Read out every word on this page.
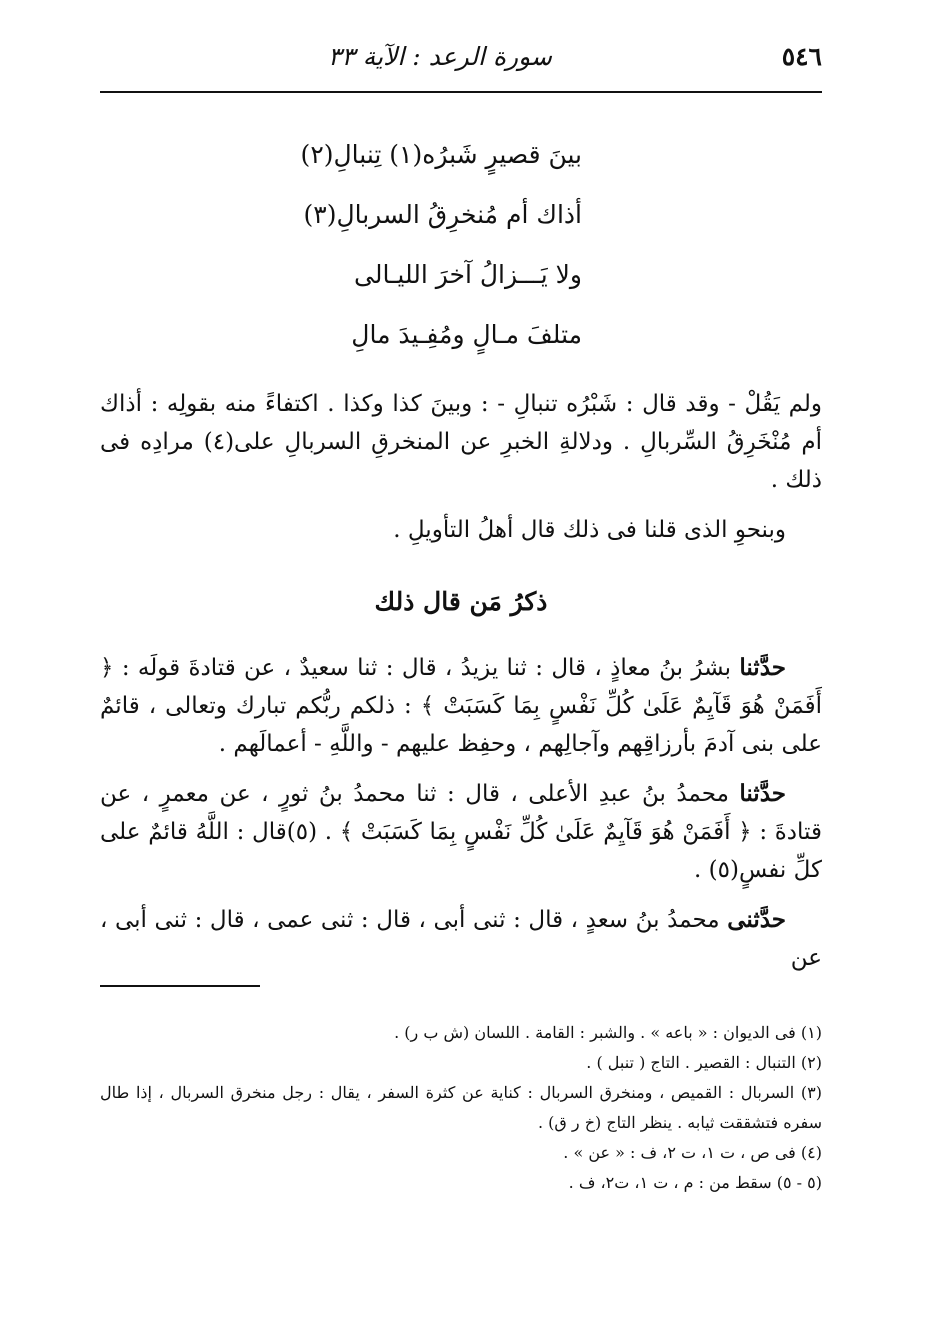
٥٤٦
سورة الرعد : الآية ٣٣
بينَ قصيرٍ شَبرُه(١) تِنبالِ(٢)
أذاك أم مُنخرِقُ السربالِ(٣)
ولا يَـــزالُ آخرَ الليـالى
متلفَ مـالٍ ومُفِـيدَ مالِ

ولم يَقُلْ - وقد قال : شَبْرُه تنبالِ - : وبينَ كذا وكذا . اكتفاءً منه بقولِه : أذاك أم مُنْخَرِقُ السِّربالِ . ودلالةِ الخبرِ عن المنخرقِ السربالِ على(٤) مرادِه فى ذلك .

وبنحوِ الذى قلنا فى ذلك قال أهلُ التأويلِ .

ذكرُ مَن قال ذلك

حدَّثنا بشرُ بنُ معاذٍ ، قال : ثنا يزيدُ ، قال : ثنا سعيدٌ ، عن قتادةَ قولَه : ﴿ أَفَمَنْ هُوَ قَآيِمٌ عَلَىٰ كُلِّ نَفْسٍ بِمَا كَسَبَتْ ﴾ : ذلكم ربُّكم تبارك وتعالى ، قائمٌ على بنى آدمَ بأرزاقِهم وآجالِهم ، وحفِظ عليهم - واللَّهِ - أعمالَهم .

حدَّثنا محمدُ بنُ عبدِ الأعلى ، قال : ثنا محمدُ بنُ ثورٍ ، عن معمرٍ ، عن قتادةَ : ﴿ أَفَمَنْ هُوَ قَآيِمٌ عَلَىٰ كُلِّ نَفْسٍ بِمَا كَسَبَتْ ﴾ . (٥)قال : اللَّهُ قائمٌ على كلِّ نفسٍ(٥) .

حدَّثنى محمدُ بنُ سعدٍ ، قال : ثنى أبى ، قال : ثنى عمى ، قال : ثنى أبى ، عن

(١) فى الديوان : « باعه » . والشبر : القامة . اللسان (ش ب ر) .

(٢) التنبال : القصير . التاج ( تنبل ) .

(٣) السربال : القميص ، ومنخرق السربال : كناية عن كثرة السفر ، يقال : رجل منخرق السربال ، إذا طال سفره فتشققت ثيابه . ينظر التاج (خ ر ق) .

(٤) فى ص ، ت ١، ت ٢، ف : « عن » .

(٥ - ٥) سقط من : م ، ت ١، ت٢، ف .
